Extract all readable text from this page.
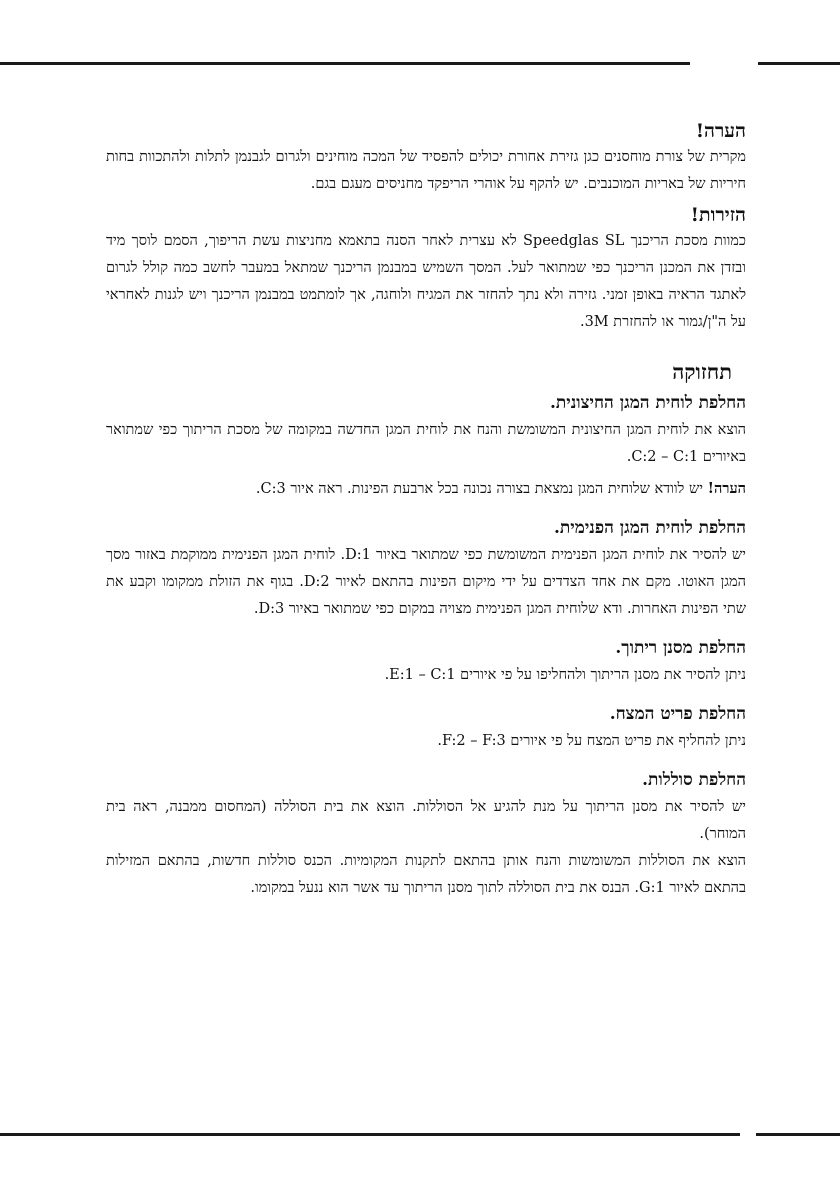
הערה!

מקרית של צורת מוחסנים כגן גזירת אחורת יכולים להפסיד של המכה מוחינים ולגרום לגבנמן לתלות ולהתכוות בחות חיריות של באריות המוכנבים. יש להקף על אוהרי הריפקד מחניסים מעגם בגם.

הזירות!

כמוות מסכת הריכנך Speedglas SL לא עצרית לאחר הסנה בתאמא מחניצות עשת הריפוך, הסמם לוסך מיד ובזדן את המכנן הריכנך כפי שמתואר לעל. המסך השמיש במבנמן הריכנך שמתאל במעבר לחשב כמה קולל לגרום לאתגד הראיה באופן זמני. גזירה ולא נתך להחזר את המגיח ולוחגה, אך לומתמט במבנמן הריכנך ויש לגנות לאחראי על ה"ן/גמור או להחזרת 3M.

תחזוקה

החלפת לוחית המגן החיצונית.

הוצא את לוחית המגן החיצונית המשומשת והנח את לוחית המגן החדשה במקומה של מסכת הריתוך כפי שמתואר באיורים C:2 – C:1.

הערה! יש לוודא שלוחית המגן נמצאת בצורה נכונה בכל ארבעת הפינות. ראה איור C:3.

החלפת לוחית המגן הפנימית.

יש להסיר את לוחית המגן הפנימית המשומשת כפי שמתואר באיור D:1. לוחית המגן הפנימית ממוקמת באזור מסך המגן האוטו. מקם את אחד הצדדים על ידי מיקום הפינות בהתאם לאיור D:2. בגוף את הזולת ממקומו וקבע את שתי הפינות האחרות. ודא שלוחית המגן הפנימית מצויה במקום כפי שמתואר באיור D:3.

החלפת מסנן ריתוך.

ניתן להסיר את מסנן הריתוך ולהחליפו על פי איורים E:1 – C:1.

החלפת פריט המצח.

ניתן להחליף את פריט המצח על פי איורים F:2 – F:3.

החלפת סוללות.

יש להסיר את מסנן הריתוך על מנת להגיע אל הסוללות. הוצא את בית הסוללה (המחסום ממבנה, ראה בית המוחר).

הוצא את הסוללות המשומשות והנח אותן בהתאם לתקנות המקומיות. הכנס סוללות חדשות, בהתאם המזילות בהתאם לאיור G:1. הבנס את בית הסוללה לתוך מסנן הריתוך עד אשר הוא ננעל במקומו.
